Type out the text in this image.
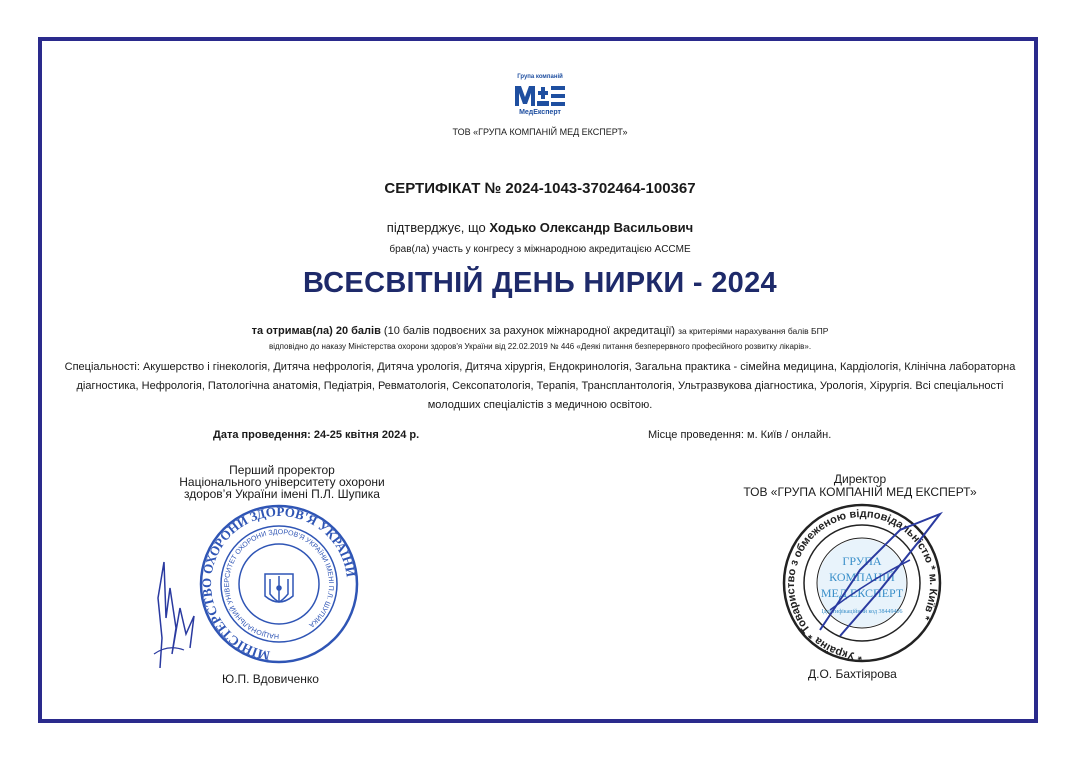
Група компаній
МедЕксперт
ТОВ «ГРУПА КОМПАНІЙ МЕД ЕКСПЕРТ»
СЕРТИФІКАТ № 2024-1043-3702464-100367
підтверджує, що Ходько Олександр Васильович
брав(ла) участь у конгресу з міжнародною акредитацією ACCME
ВСЕСВІТНІЙ ДЕНЬ НИРКИ - 2024
та отримав(ла) 20 балів (10 балів подвоєних за рахунок міжнародної акредитації) за критеріями нарахування балів БПР
відповідно до наказу Міністерства охорони здоров'я України від 22.02.2019 № 446 «Деякі питання безперервного професійного розвитку лікарів».
Спеціальності: Акушерство і гінекологія, Дитяча нефрологія, Дитяча урологія, Дитяча хірургія, Ендокринологія, Загальна практика - сімейна медицина, Кардіологія, Клінічна лабораторна діагностика, Нефрологія, Патологічна анатомія, Педіатрія, Ревматологія, Сексопатологія, Терапія, Трансплантологія, Ультразвукова діагностика, Урологія, Хірургія. Всі спеціальності молодших спеціалістів з медичною освітою.
Дата проведення: 24-25 квітня 2024 р.	Місце проведення: м. Київ / онлайн.
Перший проректор
Національного університету охорони
здоров’я України імені П.Л. Шупика
Директор
ТОВ «ГРУПА КОМПАНІЙ МЕД ЕКСПЕРТ»
МІНІСТЕРСТВО ОХОРОНИ ЗДОРОВ'Я УКРАЇНИ
НАЦІОНАЛЬНИЙ УНІВЕРСИТЕТ ОХОРОНИ ЗДОРОВ'Я УКРАЇНИ ІМЕНІ П.Л. ШУПИКА
* Україна * Товариство з обмеженою відповідальністю * м. Київ *
ГРУПА
КОМПАНІЙ
МЕД ЕКСПЕРТ
Ідентифікаційний код 38449406
Ю.П. Вдовиченко	Д.О. Бахтіярова
